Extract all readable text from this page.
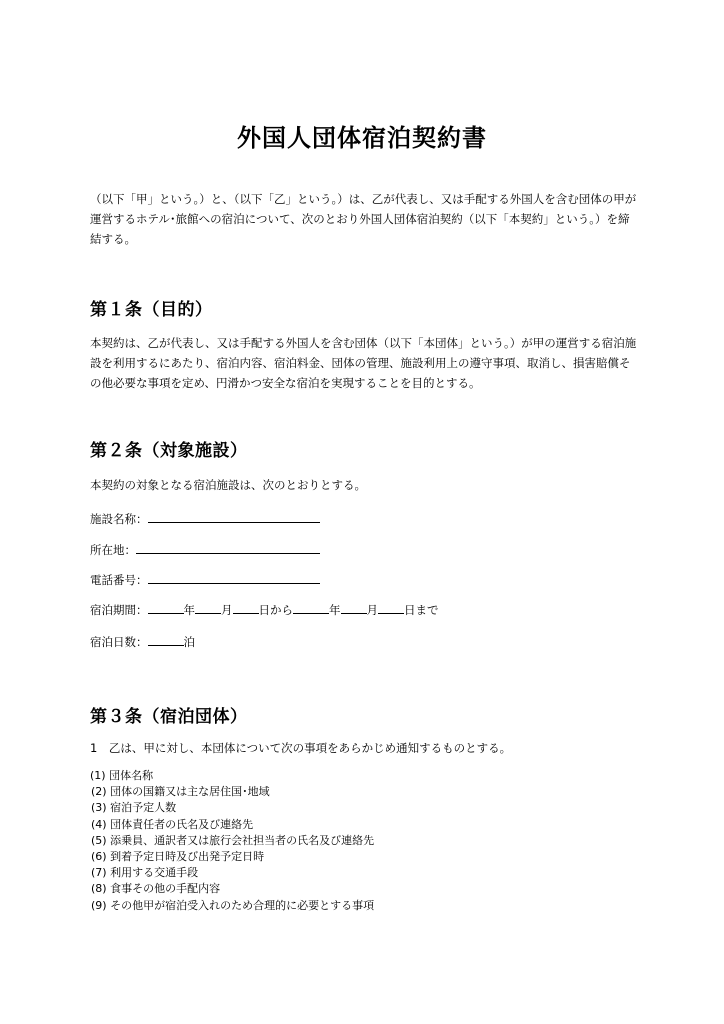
外国人団体宿泊契約書

（以下「甲」という。）と、（以下「乙」という。）は、乙が代表し、又は手配する外国人を含む団体の甲が運営するホテル･旅館への宿泊について、次のとおり外国人団体宿泊契約（以下「本契約」という。）を締結する。

第１条（目的）

本契約は、乙が代表し、又は手配する外国人を含む団体（以下「本団体」という。）が甲の運営する宿泊施設を利用するにあたり、宿泊内容、宿泊料金、団体の管理、施設利用上の遵守事項、取消し、損害賠償その他必要な事項を定め、円滑かつ安全な宿泊を実現することを目的とする。

第２条（対象施設）

本契約の対象となる宿泊施設は、次のとおりとする。

施設名称：
所在地：
電話番号：
宿泊期間：	年 月 日から	年 月 日まで
宿泊日数：	泊
第３条（宿泊団体）

1　乙は、甲に対し、本団体について次の事項をあらかじめ通知するものとする。

(1) 団体名称
(2) 団体の国籍又は主な居住国･地域
(3) 宿泊予定人数
(4) 団体責任者の氏名及び連絡先
(5) 添乗員、通訳者又は旅行会社担当者の氏名及び連絡先
(6) 到着予定日時及び出発予定日時
(7) 利用する交通手段
(8) 食事その他の手配内容
(9) その他甲が宿泊受入れのため合理的に必要とする事項
